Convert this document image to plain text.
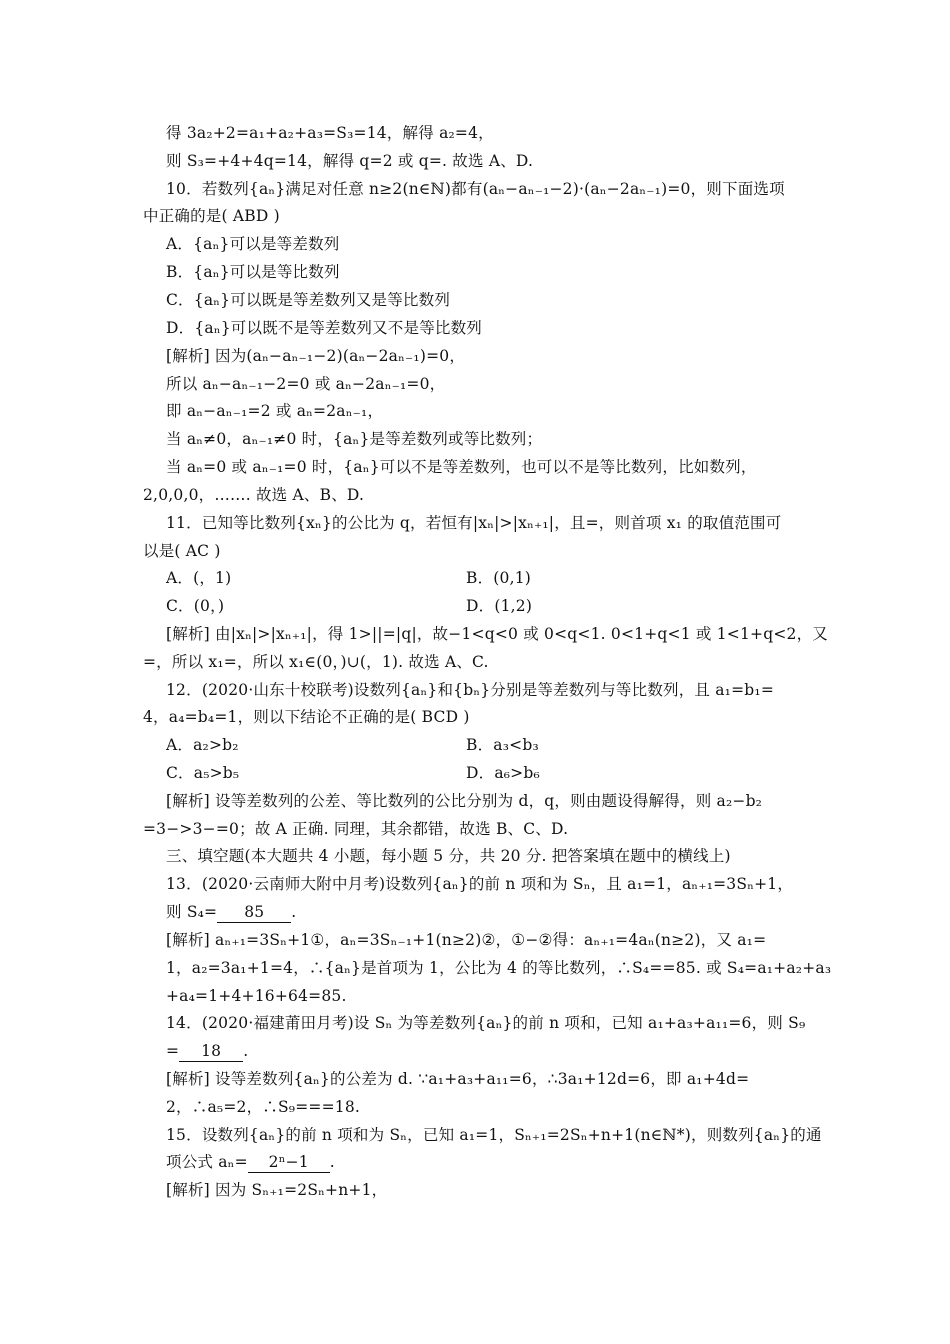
得 3a₂+2=a₁+a₂+a₃=S₃=14，解得 a₂=4，
则 S₃=+4+4q=14，解得 q=2 或 q=. 故选 A、D.
10．若数列{aₙ}满足对任意 n≥2(n∈ℕ)都有(aₙ−aₙ₋₁−2)·(aₙ−2aₙ₋₁)=0，则下面选项
中正确的是( ABD )
A．{aₙ}可以是等差数列
B．{aₙ}可以是等比数列
C．{aₙ}可以既是等差数列又是等比数列
D．{aₙ}可以既不是等差数列又不是等比数列
[解析] 因为(aₙ−aₙ₋₁−2)(aₙ−2aₙ₋₁)=0，
所以 aₙ−aₙ₋₁−2=0 或 aₙ−2aₙ₋₁=0，
即 aₙ−aₙ₋₁=2 或 aₙ=2aₙ₋₁，
当 aₙ≠0，aₙ₋₁≠0 时，{aₙ}是等差数列或等比数列；
当 aₙ=0 或 aₙ₋₁=0 时，{aₙ}可以不是等差数列，也可以不是等比数列，比如数列，
2,0,0,0，……. 故选 A、B、D.
11．已知等比数列{xₙ}的公比为 q，若恒有|xₙ|>|xₙ₊₁|，且=，则首项 x₁ 的取值范围可
以是( AC )
A．(，1)	B．(0,1)
C．(0，)	D．(1,2)
[解析] 由|xₙ|>|xₙ₊₁|，得 1>||=|q|，故−1<q<0 或 0<q<1. 0<1+q<1 或 1<1+q<2，又
=，所以 x₁=，所以 x₁∈(0，)∪(，1). 故选 A、C.
12．(2020·山东十校联考)设数列{aₙ}和{bₙ}分别是等差数列与等比数列，且 a₁=b₁=
4，a₄=b₄=1，则以下结论不正确的是( BCD )
A．a₂>b₂	B．a₃<b₃
C．a₅>b₅	D．a₆>b₆
[解析] 设等差数列的公差、等比数列的公比分别为 d，q，则由题设得解得，则 a₂−b₂
=3−>3−=0；故 A 正确. 同理，其余都错，故选 B、C、D.
三、填空题(本大题共 4 小题，每小题 5 分，共 20 分. 把答案填在题中的横线上)
13．(2020·云南师大附中月考)设数列{aₙ}的前 n 项和为 Sₙ，且 a₁=1，aₙ₊₁=3Sₙ+1，
则 S₄= 85 .
[解析] aₙ₊₁=3Sₙ+1①，aₙ=3Sₙ₋₁+1(n≥2)②，①−②得：aₙ₊₁=4aₙ(n≥2)，又 a₁=
1，a₂=3a₁+1=4，∴{aₙ}是首项为 1，公比为 4 的等比数列，∴S₄==85. 或 S₄=a₁+a₂+a₃
+a₄=1+4+16+64=85.
14．(2020·福建莆田月考)设 Sₙ 为等差数列{aₙ}的前 n 项和，已知 a₁+a₃+a₁₁=6，则 S₉
= 18 .
[解析] 设等差数列{aₙ}的公差为 d. ∵a₁+a₃+a₁₁=6，∴3a₁+12d=6，即 a₁+4d=
2，∴a₅=2，∴S₉===18.
15．设数列{aₙ}的前 n 项和为 Sₙ，已知 a₁=1，Sₙ₊₁=2Sₙ+n+1(n∈ℕ*)，则数列{aₙ}的通
项公式 aₙ= 2ⁿ−1 .
[解析] 因为 Sₙ₊₁=2Sₙ+n+1，
